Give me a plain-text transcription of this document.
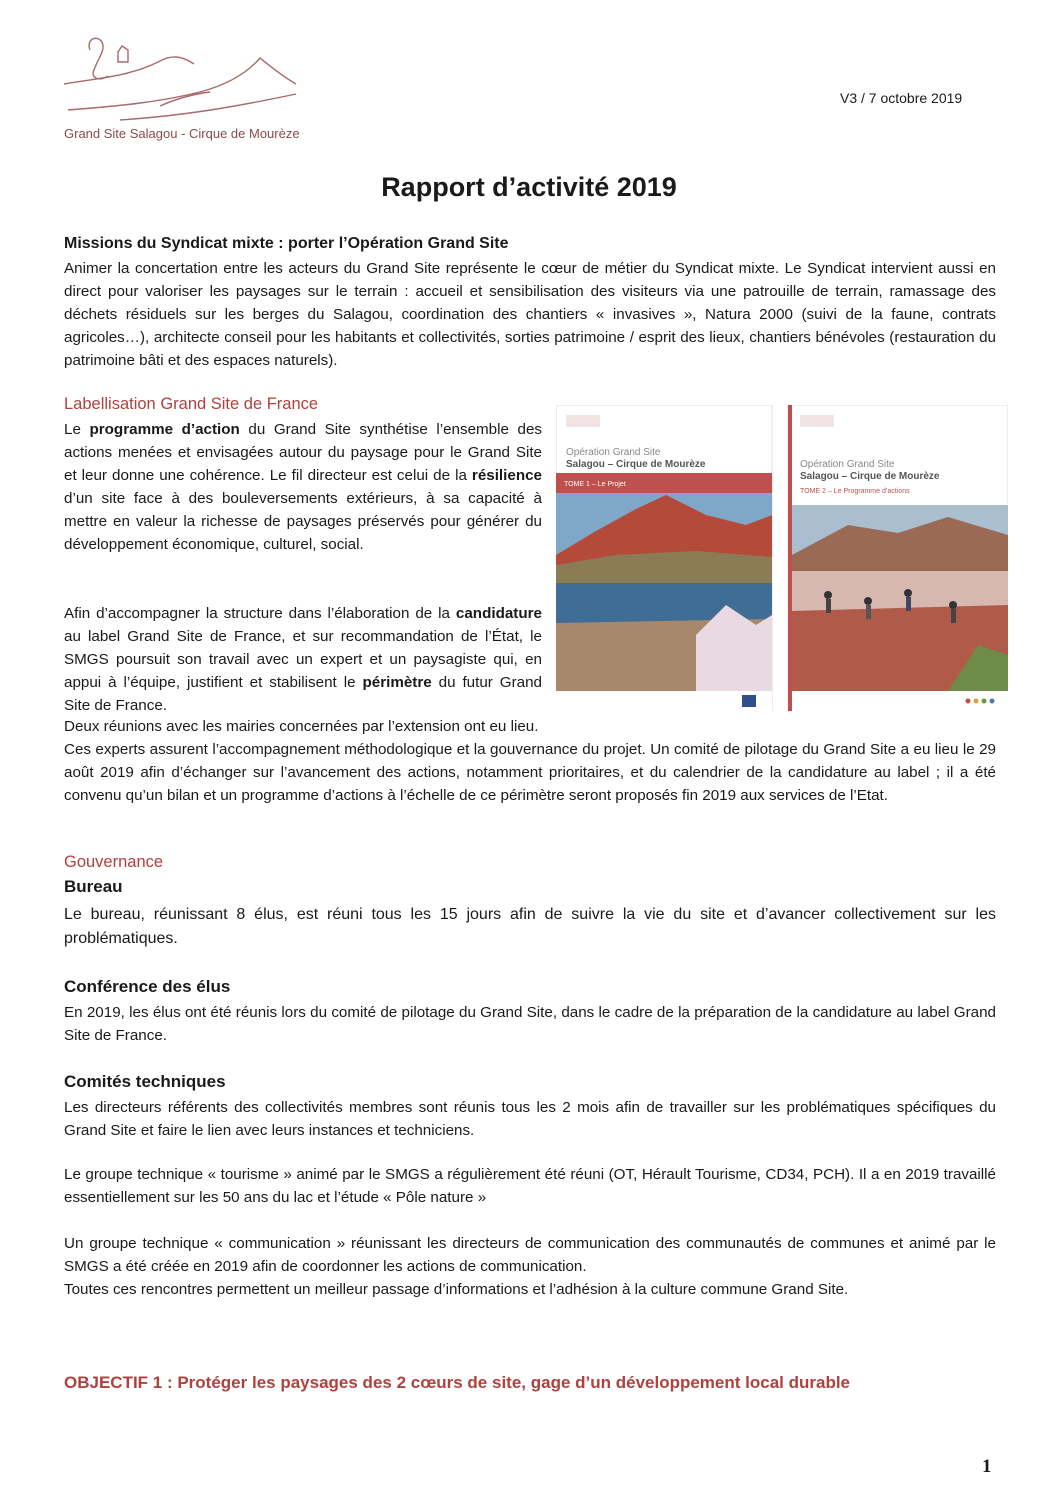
Grand Site Salagou - Cirque de Mourèze
V3 / 7 octobre 2019
Rapport d’activité 2019
Missions du Syndicat mixte : porter l’Opération Grand Site
Animer la concertation entre les acteurs du Grand Site représente le cœur de métier du Syndicat mixte. Le Syndicat intervient aussi en direct pour valoriser les paysages sur le terrain : accueil et sensibilisation des visiteurs via une patrouille de terrain, ramassage des déchets résiduels sur les berges du Salagou, coordination des chantiers « invasives », Natura 2000 (suivi de la faune, contrats agricoles…), architecte conseil pour les habitants et collectivités, sorties patrimoine / esprit des lieux, chantiers bénévoles (restauration du patrimoine bâti et des espaces naturels).
Labellisation Grand Site de France
Le programme d’action du Grand Site synthétise l’ensemble des actions menées et envisagées autour du paysage pour le Grand Site et leur donne une cohérence. Le fil directeur est celui de la résilience d’un site face à des bouleversements extérieurs, à sa capacité à mettre en valeur la richesse de paysages préservés pour générer du développement économique, culturel, social.
Afin d’accompagner la structure dans l’élaboration de la candidature au label Grand Site de France, et sur recommandation de l’État, le SMGS poursuit son travail avec un expert et un paysagiste qui, en appui à l’équipe, justifient et stabilisent le périmètre du futur Grand Site de France.
Deux réunions avec les mairies concernées par l’extension ont eu lieu.
Ces experts assurent l’accompagnement méthodologique et la gouvernance du projet. Un comité de pilotage du Grand Site a eu lieu le 29 août 2019 afin d’échanger sur l’avancement des actions, notamment prioritaires, et du calendrier de la candidature au label ; il a été convenu qu’un bilan et un programme d’actions à l’échelle de ce périmètre seront proposés fin 2019 aux services de l’Etat.
Opération Grand Site
Salagou – Cirque de Mourèze
TOME 1 – Le Projet
Opération Grand Site
Salagou – Cirque de Mourèze
TOME 2 – Le Programme d’actions
Gouvernance
Bureau
Le bureau, réunissant 8 élus, est réuni tous les 15 jours afin de suivre la vie du site et d’avancer collectivement sur les problématiques.
Conférence des élus
En 2019, les élus ont été réunis lors du comité de pilotage du Grand Site, dans le cadre de la préparation de la candidature au label Grand Site de France.
Comités techniques
Les directeurs référents des collectivités membres sont réunis tous les 2 mois afin de travailler sur les problématiques spécifiques du Grand Site et faire le lien avec leurs instances et techniciens.
Le groupe technique « tourisme » animé par le SMGS a régulièrement été réuni (OT, Hérault Tourisme, CD34, PCH). Il a en 2019 travaillé essentiellement sur les 50 ans du lac et l’étude « Pôle nature »
Un groupe technique « communication » réunissant les directeurs de communication des communautés de communes et animé par le SMGS a été créée en 2019 afin de coordonner les actions de communication.
Toutes ces rencontres permettent un meilleur passage d’informations et l’adhésion à la culture commune Grand Site.
OBJECTIF 1 : Protéger les paysages des 2 cœurs de site, gage d’un développement local durable
1
